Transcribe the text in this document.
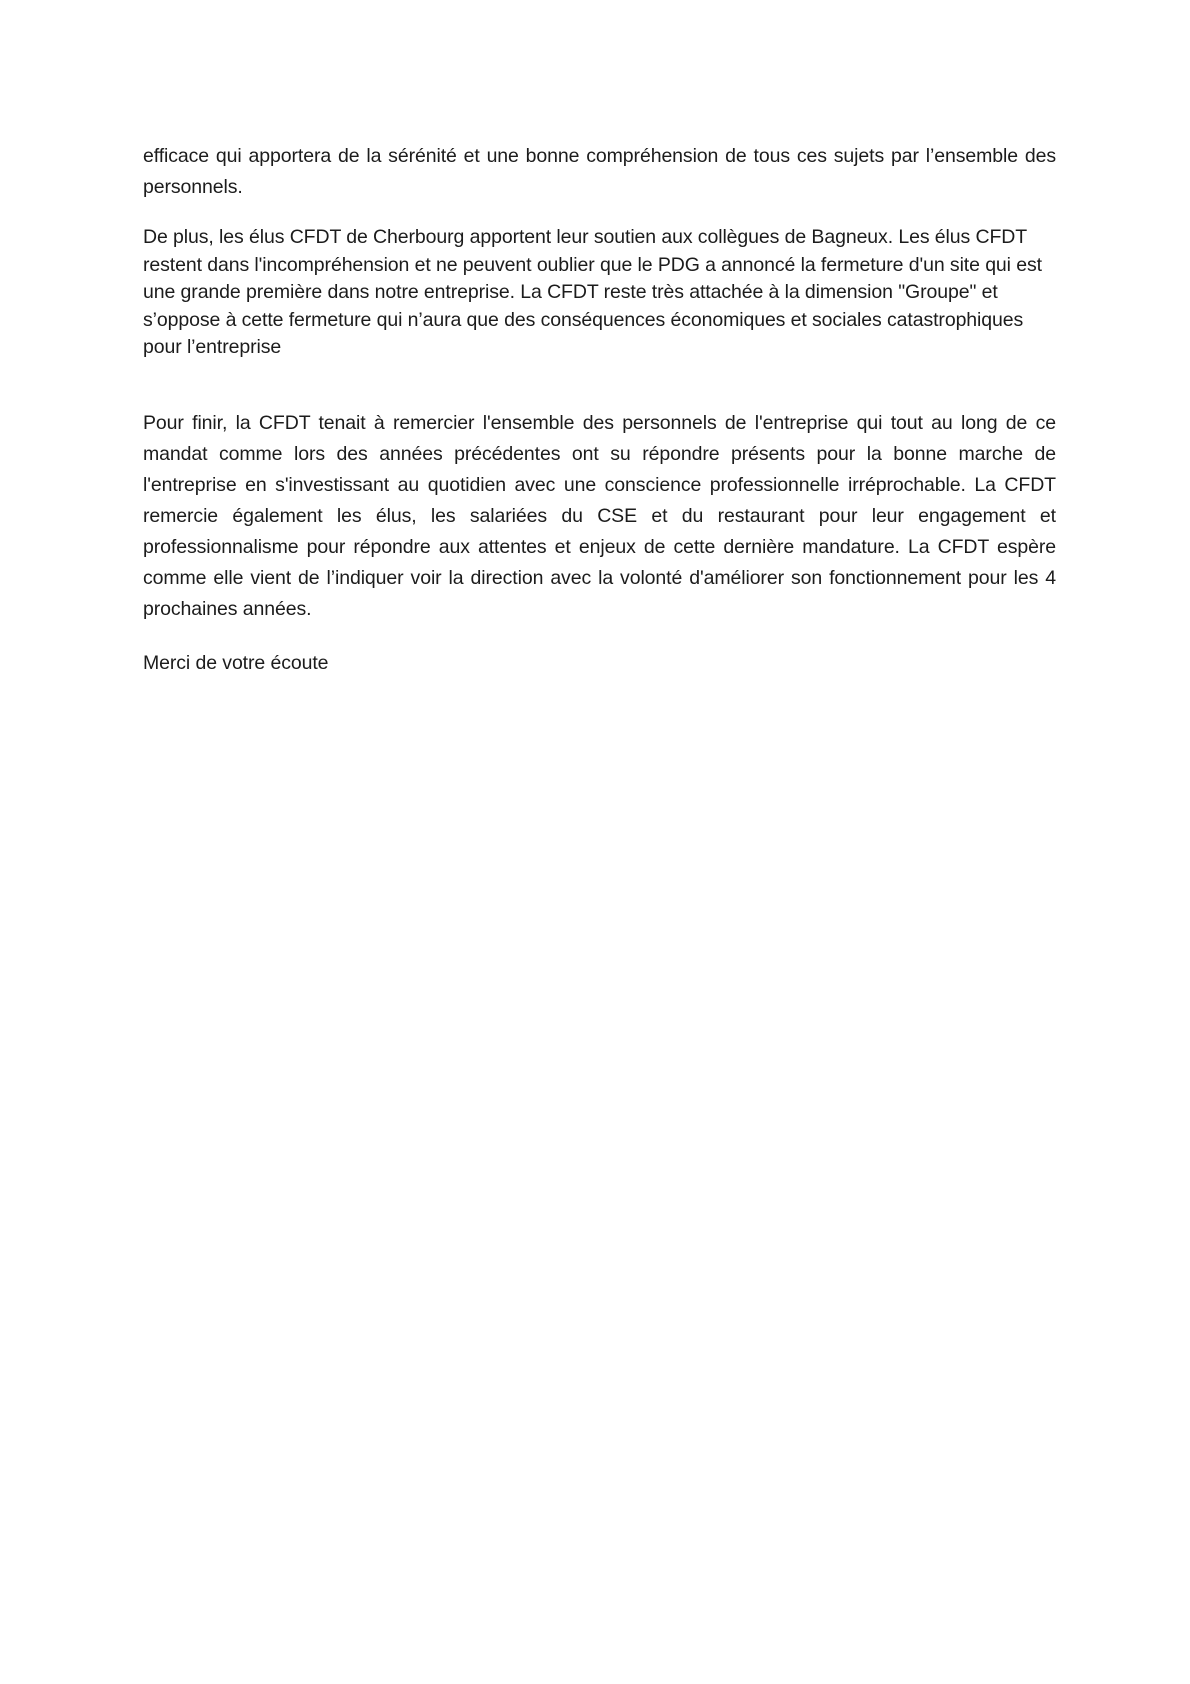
efficace qui apportera de la sérénité et une bonne compréhension de tous ces sujets par l’ensemble des personnels.

De plus, les élus CFDT de Cherbourg apportent leur soutien aux collègues de Bagneux. Les élus CFDT restent dans l'incompréhension et ne peuvent oublier que le PDG a annoncé la fermeture d'un site qui est une grande première dans notre entreprise. La CFDT reste très attachée à la dimension "Groupe" et s’oppose à cette fermeture qui n’aura que des conséquences économiques et sociales catastrophiques pour l’entreprise

Pour finir, la CFDT tenait à remercier l'ensemble des personnels de l'entreprise qui tout au long de ce mandat comme lors des années précédentes ont su répondre présents pour la bonne marche de l'entreprise en s'investissant au quotidien avec une conscience professionnelle irréprochable. La CFDT remercie également les élus, les salariées du CSE et du restaurant pour leur engagement et professionnalisme pour répondre aux attentes et enjeux de cette dernière mandature. La CFDT espère comme elle vient de l’indiquer voir la direction avec la volonté d'améliorer son fonctionnement pour les 4 prochaines années.

Merci de votre écoute
